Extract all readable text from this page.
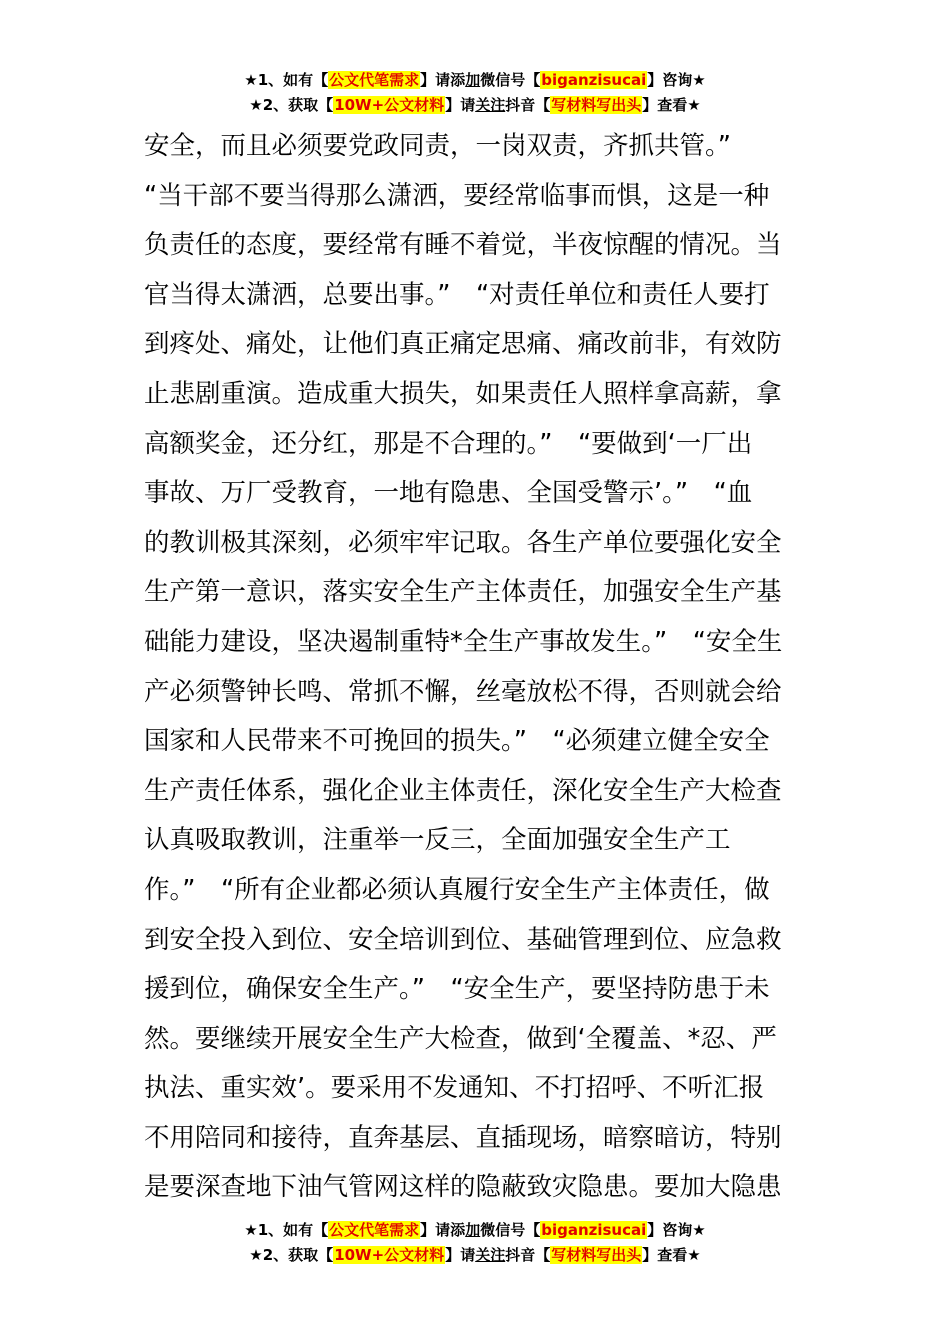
★1、如有【公文代笔需求】请添加微信号【biganzisucai】咨询★
★2、获取【10W+公文材料】请关注抖音【写材料写出头】查看★
安全，而且必须要党政同责，一岗双责，齐抓共管。”
“当干部不要当得那么潇洒，要经常临事而惧，这是一种
负责任的态度，要经常有睡不着觉，半夜惊醒的情况。当
官当得太潇洒，总要出事。”　“对责任单位和责任人要打
到疼处、痛处，让他们真正痛定思痛、痛改前非，有效防
止悲剧重演。造成重大损失，如果责任人照样拿高薪，拿
高额奖金，还分红，那是不合理的。”　“要做到‘一厂出
事故、万厂受教育，一地有隐患、全国受警示’。”　“血
的教训极其深刻，必须牢牢记取。各生产单位要强化安全
生产第一意识，落实安全生产主体责任，加强安全生产基
础能力建设，坚决遏制重特*全生产事故发生。”　“安全生
产必须警钟长鸣、常抓不懈，丝毫放松不得，否则就会给
国家和人民带来不可挽回的损失。”　“必须建立健全安全
生产责任体系，强化企业主体责任，深化安全生产大检查
认真吸取教训，注重举一反三，全面加强安全生产工
作。”　“所有企业都必须认真履行安全生产主体责任，做
到安全投入到位、安全培训到位、基础管理到位、应急救
援到位，确保安全生产。”　“安全生产，要坚持防患于未
然。要继续开展安全生产大检查，做到‘全覆盖、*忍、严
执法、重实效’。要采用不发通知、不打招呼、不听汇报
不用陪同和接待，直奔基层、直插现场，暗察暗访，特别
是要深查地下油气管网这样的隐蔽致灾隐患。要加大隐患
★1、如有【公文代笔需求】请添加微信号【biganzisucai】咨询★
★2、获取【10W+公文材料】请关注抖音【写材料写出头】查看★
